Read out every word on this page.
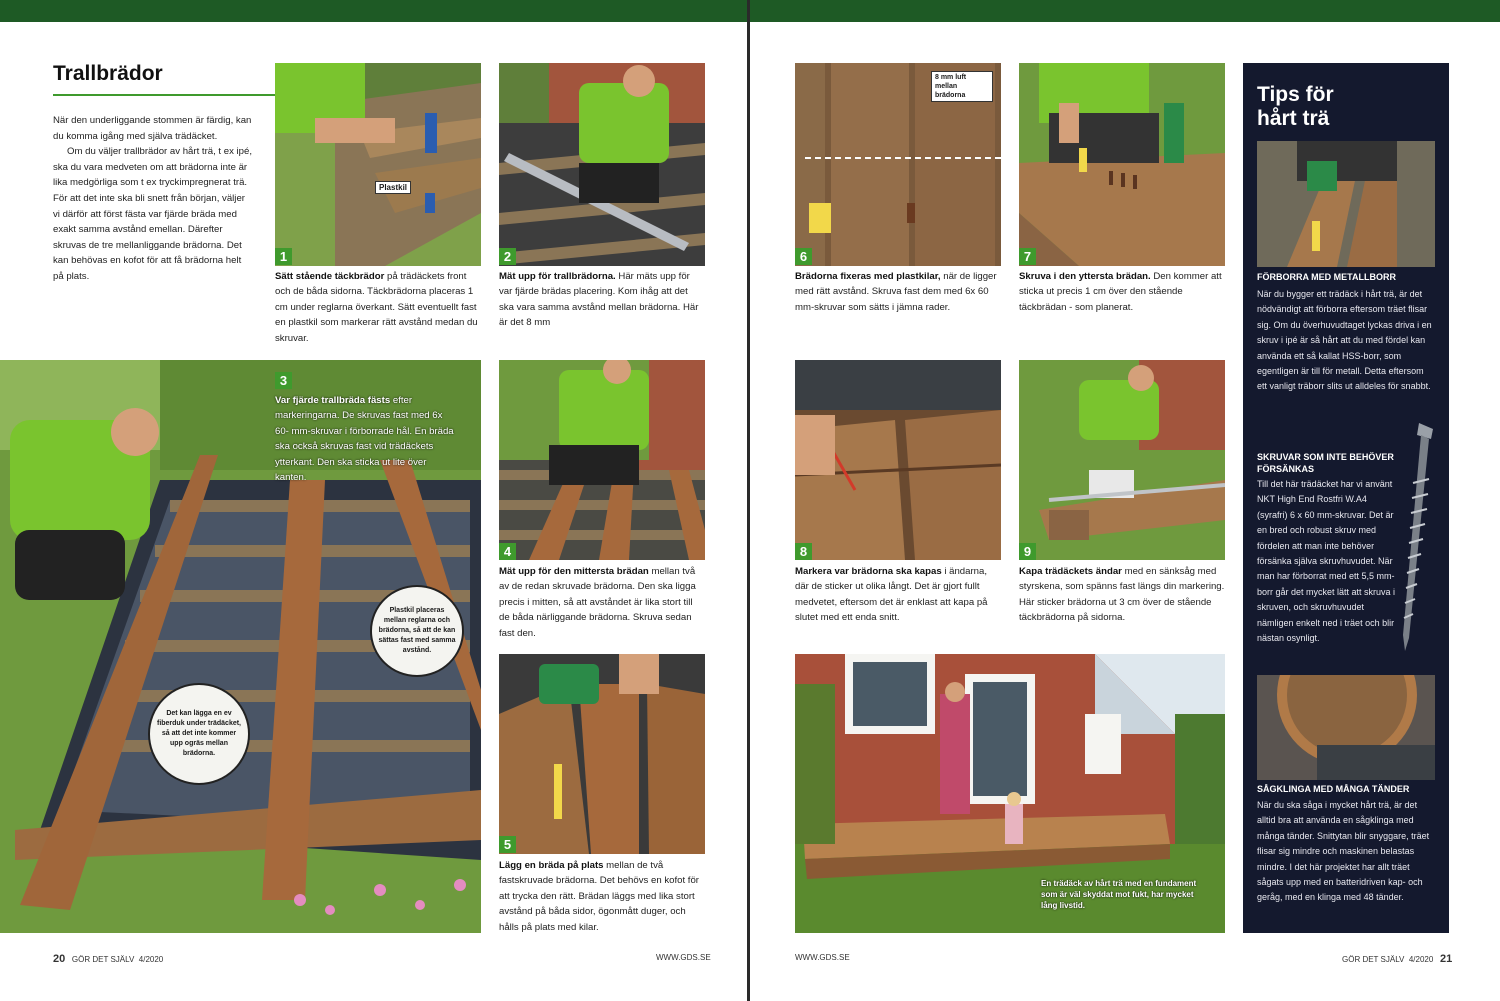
Trallbrädor

När den underliggande stommen är färdig, kan du komma igång med själva trädäcket.

Om du väljer trallbrädor av hårt trä, t ex ipé, ska du vara medveten om att brädorna inte är lika medgörliga som t ex tryckimpregnerat trä. För att det inte ska bli snett från början, väljer vi därför att först fästa var fjärde bräda med exakt samma avstånd emellan. Därefter skruvas de tre mellanliggande brädorna. Det kan behövas en kofot för att få brädorna helt på plats.

Plastkil
1
Sätt stående täckbrädor på trädäckets front och de båda sidorna. Täckbrädorna placeras 1 cm under reglarna överkant. Sätt eventuellt fast en plastkil som markerar rätt avstånd medan du skruvar.
2
Mät upp för trallbrädorna. Här mäts upp för var fjärde brädas placering. Kom ihåg att det ska vara samma avstånd mellan brädorna. Här är det 8 mm
Plastkil placeras mellan reglarna och brädorna, så att de kan sättas fast med samma avstånd.
Det kan lägga en ev fiberduk under trädäcket, så att det inte kommer upp ogräs mellan brädorna.
3
Var fjärde trallbräda fästs efter markeringarna. De skruvas fast med 6x 60- mm-skruvar i förborrade hål. En bräda ska också skruvas fast vid trädäckets ytterkant. Den ska sticka ut lite över kanten.
4
Mät upp för den mittersta brädan mellan två av de redan skruvade brädorna. Den ska ligga precis i mitten, så att avståndet är lika stort till de båda närliggande brädorna. Skruva sedan fast den.
5
Lägg en bräda på plats mellan de två fastskruvade brädorna. Det behövs en kofot för att trycka den rätt. Brädan läggs med lika stort avstånd på båda sidor, ögonmått duger, och hålls på plats med kilar.
20 GÖR DET SJÄLV 4/2020	WWW.GDS.SE
8 mm luft mellan brädorna
6
Brädorna fixeras med plastkilar, när de ligger med rätt avstånd. Skruva fast dem med 6x 60 mm-skruvar som sätts i jämna rader.
7
Skruva i den yttersta brädan. Den kommer att sticka ut precis 1 cm över den stående täckbrädan - som planerat.
8
Markera var brädorna ska kapas i ändarna, där de sticker ut olika långt. Det är gjort fullt medvetet, eftersom det är enklast att kapa på slutet med ett enda snitt.
9
Kapa trädäckets ändar med en sänksåg med styrskena, som spänns fast längs din markering. Här sticker brädorna ut 3 cm över de stående täckbrädorna på sidorna.
En trädäck av hårt trä med en fundament som är väl skyddat mot fukt, har mycket lång livstid.
Tips för
hårt trä
FÖRBORRA MED METALLBORR
När du bygger ett trädäck i hårt trä, är det nödvändigt att förborra eftersom träet flisar sig. Om du överhuvudtaget lyckas driva i en skruv i ipé är så hårt att du med fördel kan använda ett så kallat HSS-borr, som egentligen är till för metall. Detta eftersom ett vanligt träborr slits ut alldeles för snabbt.
SKRUVAR SOM INTE BEHÖVER
FÖRSÄNKAS
Till det här trädäcket har vi använt NKT High End Rostfri W.A4 (syrafri) 6 x 60 mm-skruvar. Det är en bred och robust skruv med fördelen att man inte behöver försänka själva skruvhuvudet. När man har förborrat med ett 5,5 mm-borr går det mycket lätt att skruva i skruven, och skruvhuvudet nämligen enkelt ned i träet och blir nästan osynligt.
SÅGKLINGA MED MÅNGA TÄNDER
När du ska såga i mycket hårt trä, är det alltid bra att använda en sågklinga med många tänder. Snittytan blir snyggare, träet flisar sig mindre och maskinen belastas mindre. I det här projektet har allt träet sågats upp med en batteridriven kap- och geråg, med en klinga med 48 tänder.
WWW.GDS.SE	GÖR DET SJÄLV 4/2020 21
